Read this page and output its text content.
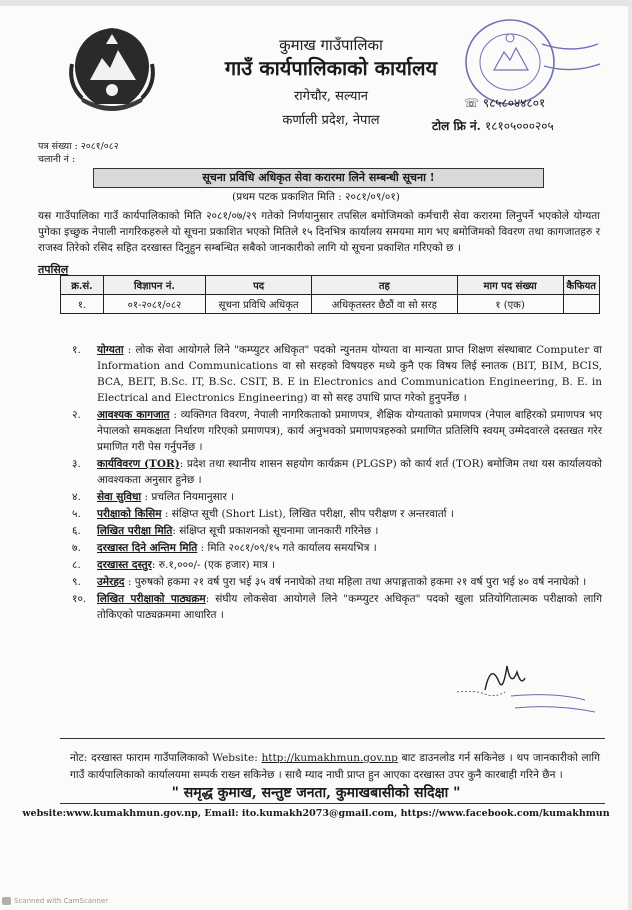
कुमाख गाउँपालिका
गाउँ कार्यपालिकाको कार्यालय
रागेचौर, सल्यान
कर्णाली प्रदेश, नेपाल
☏ ९८५८०४४८०१
टोल फ्रि नं. १८१०५०००२०५
पत्र संख्या : २०८१/०८२
चलानी नं :
सूचना प्रविधि अधिकृत सेवा करारमा लिने सम्बन्धी सूचना !
(प्रथम पटक प्रकाशित मिति : २०८१/०९/०१)
यस गाउँपालिका गाउँ कार्यपालिकाको मिति २०८१/०७/२९ गतेको निर्णयानुसार तपसिल बमोजिमको कर्मचारी सेवा करारमा लिनुपर्ने भएकोले योग्यता पुगेका इच्छुक नेपाली नागरिकहरुले यो सूचना प्रकाशित भएको मितिले १५ दिनभित्र कार्यालय समयमा माग भए बमोजिमको विवरण तथा कागजातहरु र राजस्व तिरेको रसिद सहित दरखास्त दिनुहुन सम्बन्धित सबैको जानकारीको लागि यो सूचना प्रकाशित गरिएको छ ।
तपसिल
क्र.सं.	विज्ञापन नं.	पद	तह	माग पद संख्या	कैफियत
१.	०१-२०८१/०८२	सूचना प्रविधि अधिकृत	अधिकृतस्तर छैठौं वा सो सरह	१ (एक)	
१. योग्यता : लोक सेवा आयोगले लिने "कम्प्युटर अधिकृत" पदको न्युनतम योग्यता वा मान्यता प्राप्त शिक्षण संस्थाबाट Computer वा Information and Communications वा सो सरहको विषयहरु मध्ये कुनै एक विषय लिई स्नातक (BIT, BIM, BCIS, BCA, BEIT, B.Sc. IT, B.Sc. CSIT, B. E in Electronics and Communication Engineering, B. E. in Electrical and Electronics Engineering) वा सो सरह उपाधि प्राप्त गरेको हुनुपर्नेछ ।
२. आवश्यक कागजात : व्यक्तिगत विवरण, नेपाली नागरिकताको प्रमाणपत्र, शैक्षिक योग्यताको प्रमाणपत्र (नेपाल बाहिरको प्रमाणपत्र भए नेपालको समकक्षता निर्धारण गरिएको प्रमाणपत्र), कार्य अनुभवको प्रमाणपत्रहरुको प्रमाणित प्रतिलिपि स्वयम् उम्मेदवारले दस्तखत गरेर प्रमाणित गरी पेस गर्नुपर्नेछ ।
३. कार्यविवरण (TOR): प्रदेश तथा स्थानीय शासन सहयोग कार्यक्रम (PLGSP) को कार्य शर्त (TOR) बमोजिम तथा यस कार्यालयको आवश्यकता अनुसार हुनेछ ।
४. सेवा सुविधा : प्रचलित नियमानुसार ।
५. परीक्षाको किसिम : संक्षिप्त सूची (Short List), लिखित परीक्षा, सीप परीक्षण र अन्तरवार्ता ।
६. लिखित परीक्षा मिति: संक्षिप्त सूची प्रकाशनको सूचनामा जानकारी गरिनेछ ।
७. दरखास्त दिने अन्तिम मिति : मिति २०८१/०९/१५ गते कार्यालय समयभित्र ।
८. दरखास्त दस्तुर: रु.१,०००/- (एक हजार) मात्र ।
९. उमेरहद : पुरुषको हकमा २१ वर्ष पुरा भई ३५ वर्ष ननाघेको तथा महिला तथा अपाङ्गताको हकमा २१ वर्ष पुरा भई ४० वर्ष ननाघेको ।
१०. लिखित परीक्षाको पाठ्यक्रम: संघीय लोकसेवा आयोगले लिने "कम्प्युटर अधिकृत" पदको खुला प्रतियोगितात्मक परीक्षाको लागि तोकिएको पाठ्यक्रममा आधारित ।
नोट: दरखास्त फाराम गाउँपालिकाको Website: http://kumakhmun.gov.np बाट डाउनलोड गर्न सकिनेछ । थप जानकारीको लागि गाउँ कार्यपालिकाको कार्यालयमा सम्पर्क राख्न सकिनेछ । साथै म्याद नाघी प्राप्त हुन आएका दरखास्त उपर कुनै कारबाही गरिने छैन ।
" समृद्ध कुमाख, सन्तुष्ट जनता, कुमाखबासीको सदिक्षा "
website:www.kumakhmun.gov.np, Email: ito.kumakh2073@gmail.com, https://www.facebook.com/kumakhmun
Scanned with CamScanner
